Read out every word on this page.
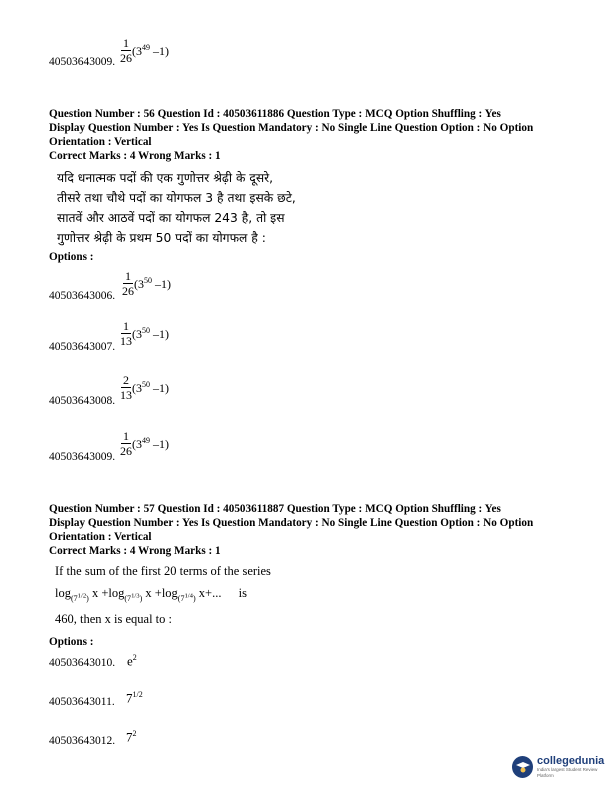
$\frac{1}{26} (3^{49}$ –1)
40503643009.
Question Number : 56 Question Id : 40503611886 Question Type : MCQ Option Shuffling : Yes
Display Question Number : Yes Is Question Mandatory : No Single Line Question Option : No Option
Orientation : Vertical
Correct Marks : 4 Wrong Marks : 1
यदि धनात्मक पदों की एक गुणोत्तर श्रेढ़ी के दूसरे,
तीसरे तथा चौथे पदों का योगफल 3 है तथा इसके छटे,
सातवें और आठवें पदों का योगफल 243 है, तो इस
गुणोत्तर श्रेढ़ी के प्रथम 50 पदों का योगफल है :
Options :
$\frac{1}{26} (3^{50}$ –1)
40503643006.
$\frac{1}{13} (3^{50}$ –1)
40503643007.
$\frac{2}{13} (3^{50}$ –1)
40503643008.
$\frac{1}{26} (3^{49}$ –1)
40503643009.
Question Number : 57 Question Id : 40503611887 Question Type : MCQ Option Shuffling : Yes
Display Question Number : Yes Is Question Mandatory : No Single Line Question Option : No Option
Orientation : Vertical
Correct Marks : 4 Wrong Marks : 1
If the sum of the first 20 terms of the series
$\log_{(7^{1/2})} x +\log_{(7^{1/3})}$ $x +\log_{(7^{1/4})}$ x+... is
460, then x is equal to :
Options :
40503643010. $e^2$
40503643011. $7^{1/2}$
40503643012. $7^2$
collegedunia
India's largest Student Review Platform
